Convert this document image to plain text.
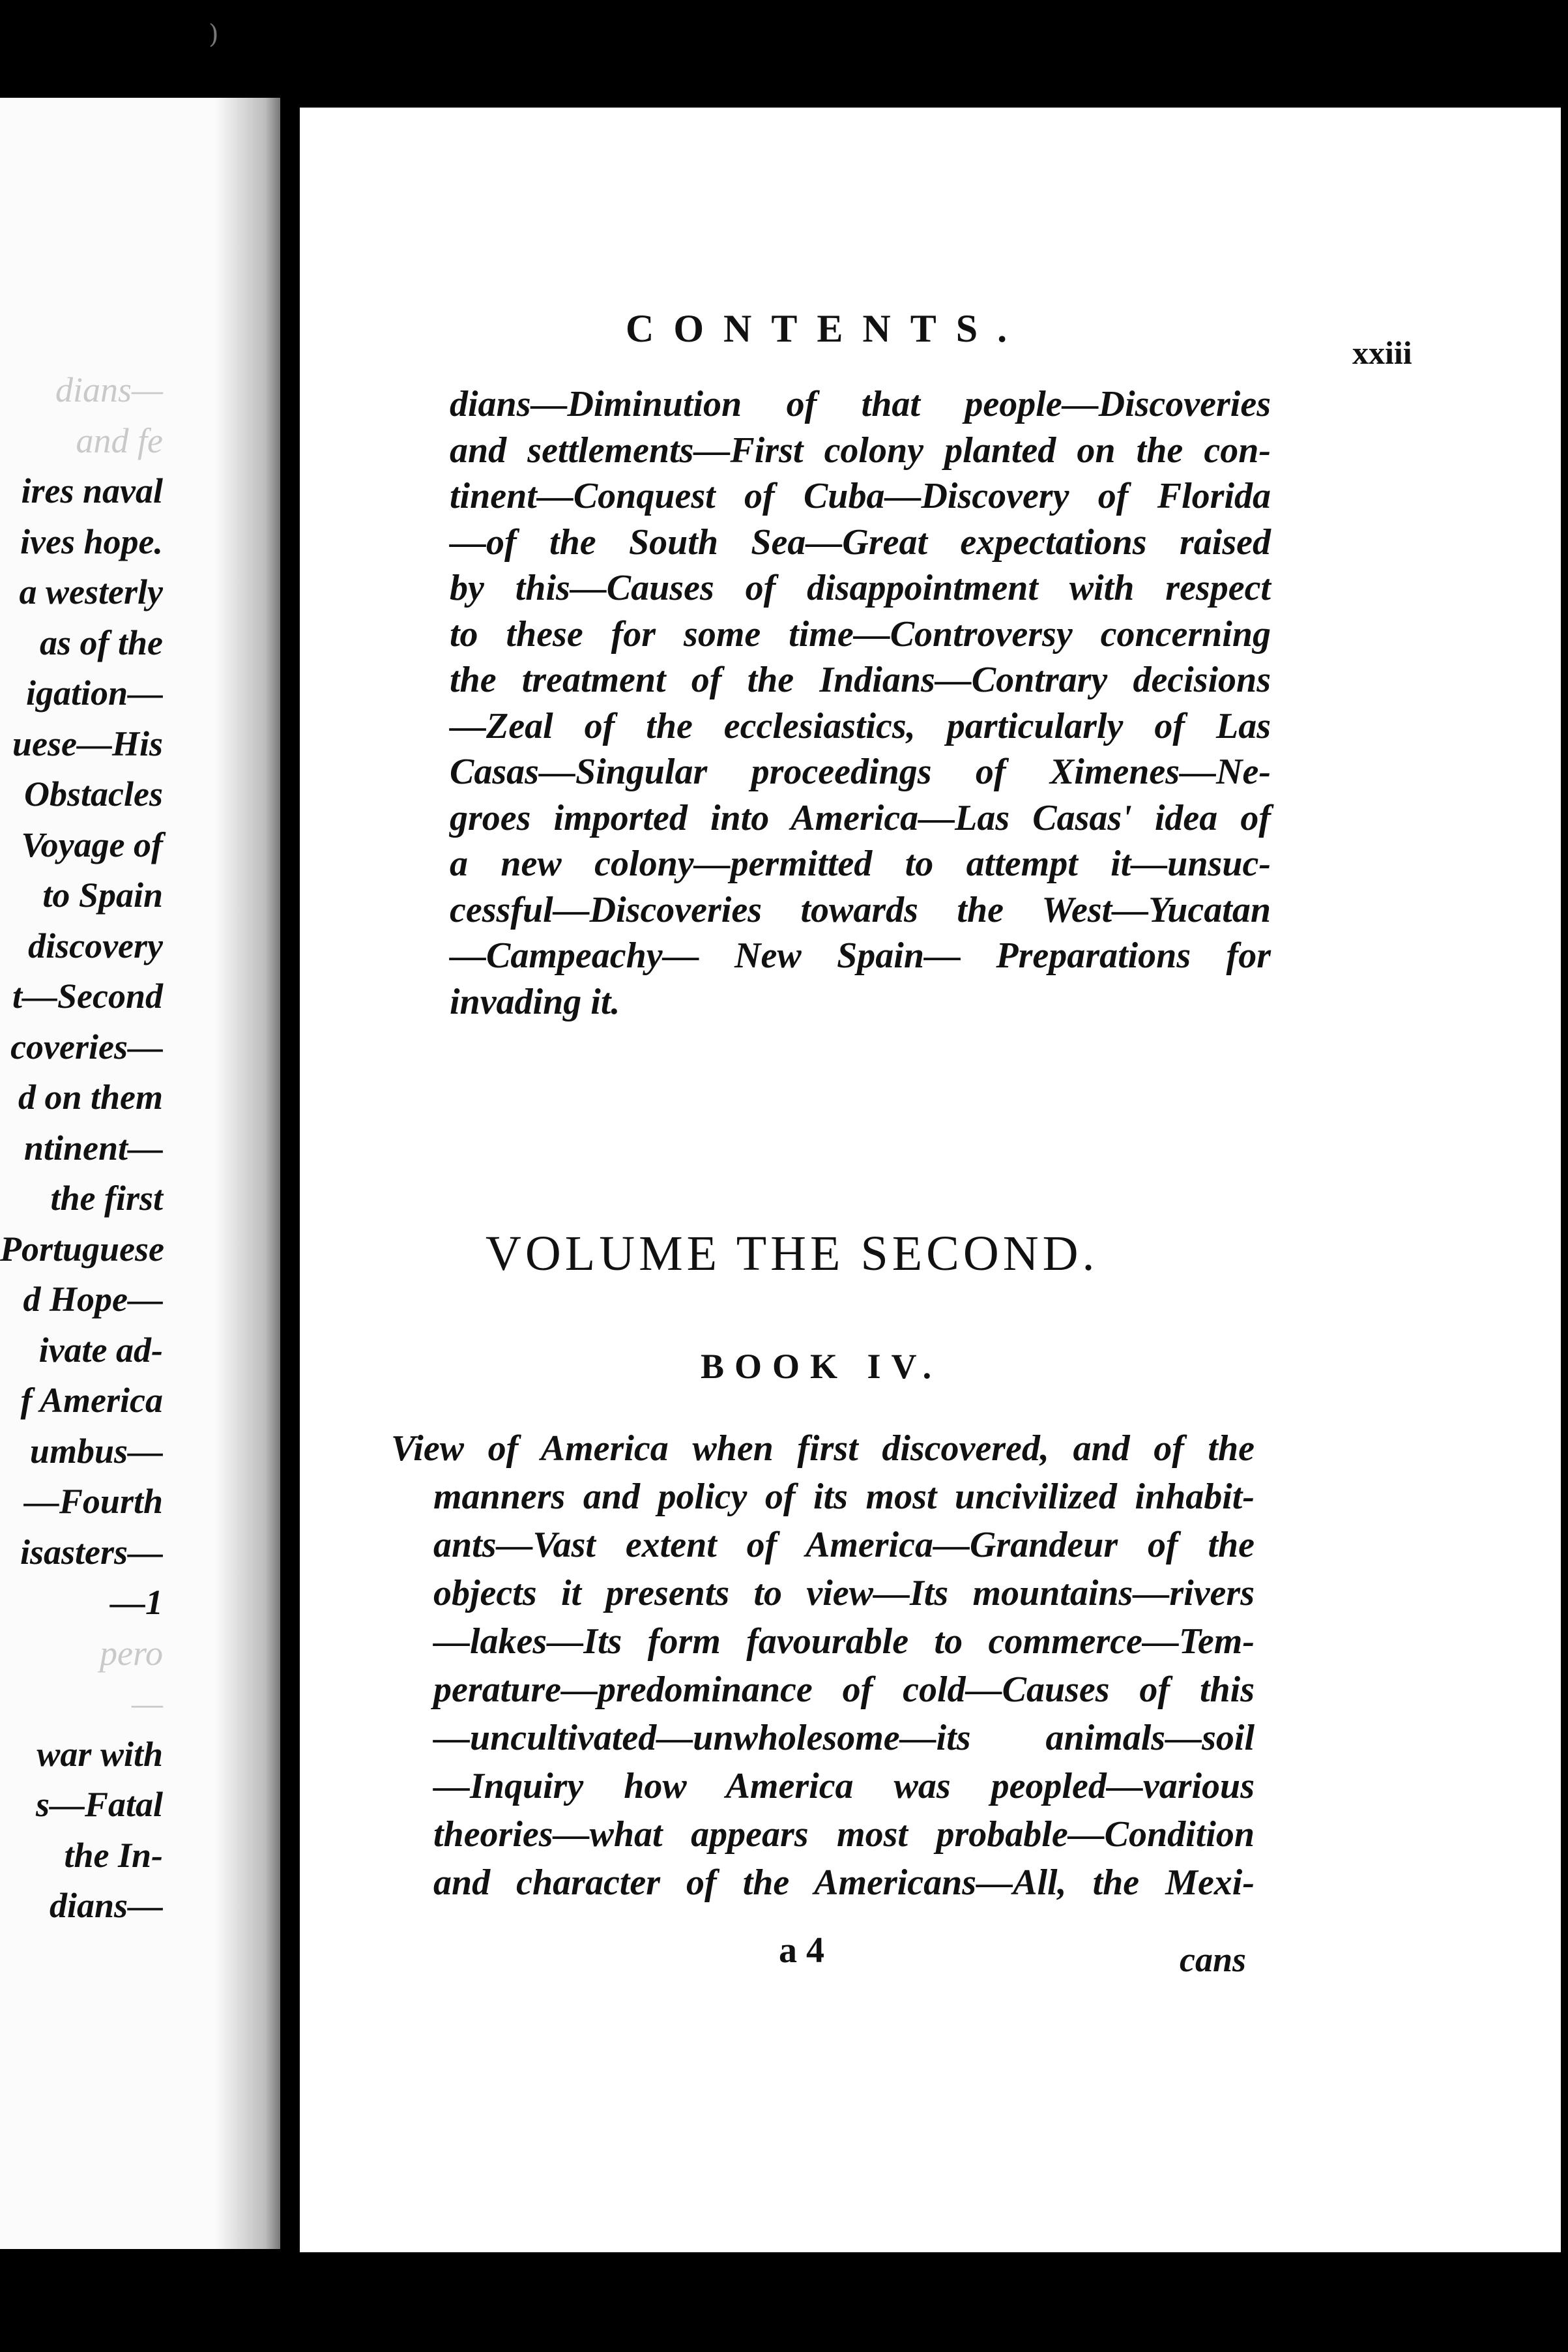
dians—
and fe
ires naval
ives hope.
a westerly
as of the
igation—
uese—His
Obstacles
Voyage of
to Spain
discovery
t—Second
coveries—
d on them
ntinent—
the first
Portuguese
d Hope—
ivate ad-
f America
umbus—
—Fourth
isasters—
—1
pero
—
war with
s—Fatal
the In-
dians—
CONTENTS.
xxiii
dians—Diminution of that people—Discoveries
and settlements—First colony planted on the con-
tinent—Conquest of Cuba—Discovery of Florida
—of the South Sea—Great expectations raised
by this—Causes of disappointment with respect
to these for some time—Controversy concerning
the treatment of the Indians—Contrary decisions
—Zeal of the ecclesiastics, particularly of Las
Casas—Singular proceedings of Ximenes—Ne-
groes imported into America—Las Casas' idea of
a new colony—permitted to attempt it—unsuc-
cessful—Discoveries towards the West—Yucatan
—Campeachy— New Spain— Preparations for
invading it.
VOLUME THE SECOND.
BOOK IV.
View of America when first discovered, and of the
manners and policy of its most uncivilized inhabit-
ants—Vast extent of America—Grandeur of the
objects it presents to view—Its mountains—rivers
—lakes—Its form favourable to commerce—Tem-
perature—predominance of cold—Causes of this
—uncultivated—unwholesome—its animals—soil
—Inquiry how America was peopled—various
theories—what appears most probable—Condition
and character of the Americans—All, the Mexi-
a 4	cans
)
